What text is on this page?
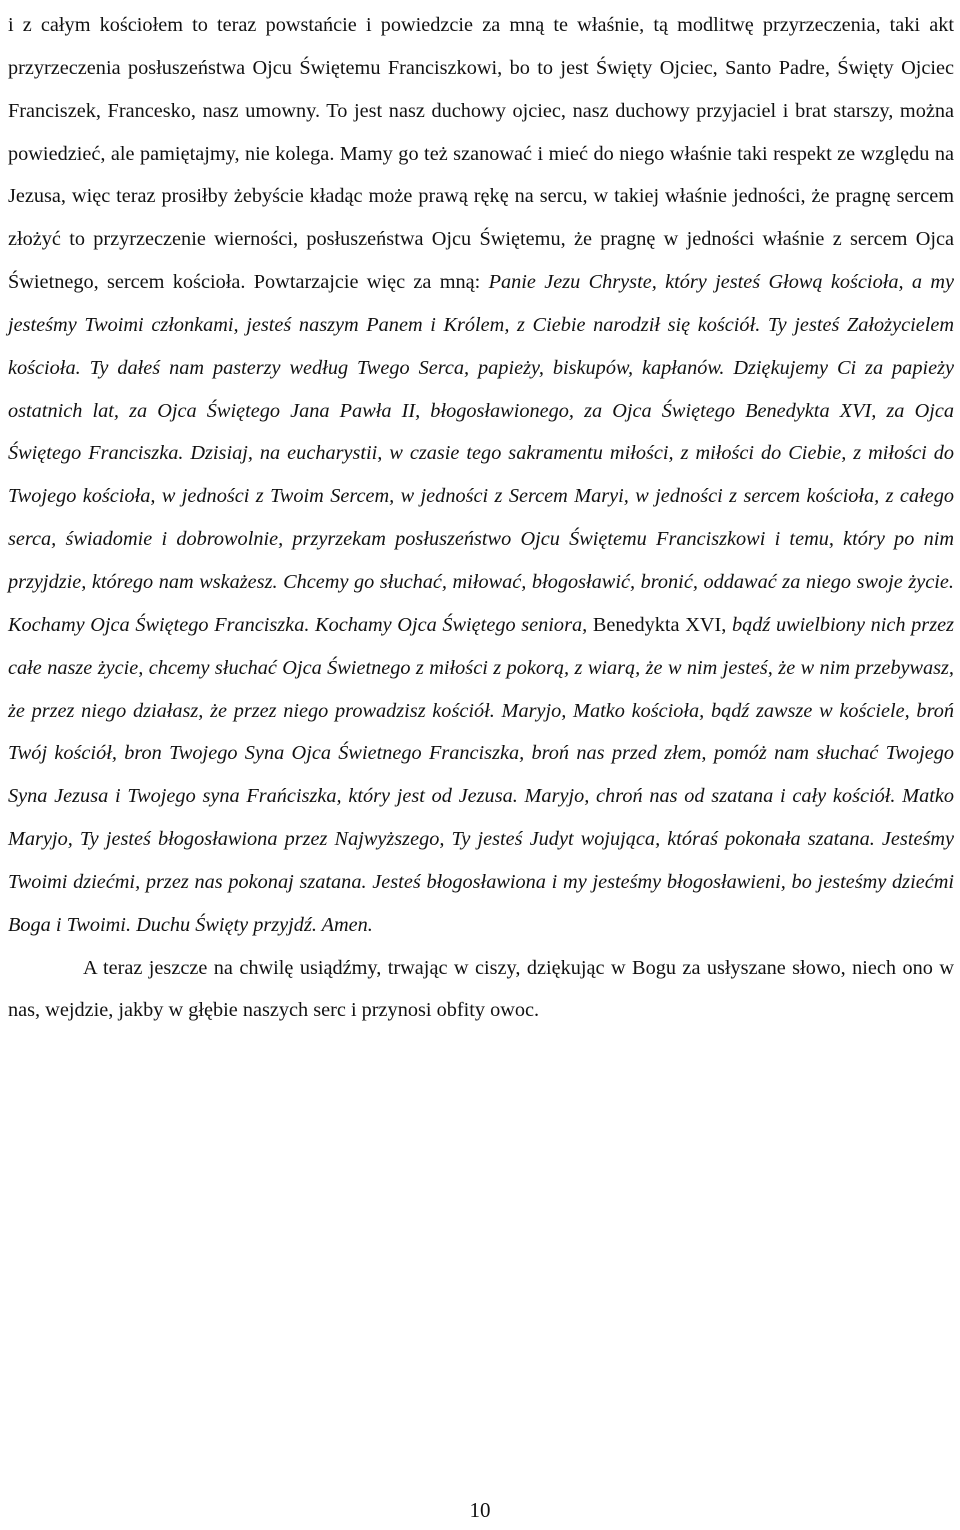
i z całym kościołem to teraz powstańcie i powiedzcie za mną te właśnie, tą modlitwę przyrzeczenia, taki akt przyrzeczenia posłuszeństwa Ojcu Świętemu Franciszkowi, bo to jest Święty Ojciec, Santo Padre, Święty Ojciec Franciszek, Francesko, nasz umowny. To jest nasz duchowy ojciec, nasz duchowy przyjaciel i brat starszy, można powiedzieć, ale pamiętajmy, nie kolega. Mamy go też szanować i mieć do niego właśnie taki respekt ze względu na Jezusa, więc teraz prosiłby żebyście kładąc może prawą rękę na sercu, w takiej właśnie jedności, że pragnę sercem złożyć to przyrzeczenie wierności, posłuszeństwa Ojcu Świętemu, że pragnę w jedności właśnie z sercem Ojca Świetnego, sercem kościoła. Powtarzajcie więc za mną: Panie Jezu Chryste, który jesteś Głową kościoła, a my jesteśmy Twoimi członkami, jesteś naszym Panem i Królem, z Ciebie narodził się kościół. Ty jesteś Założycielem kościoła. Ty dałeś nam pasterzy według Twego Serca, papieży, biskupów, kapłanów. Dziękujemy Ci za papieży ostatnich lat, za Ojca Świętego Jana Pawła II, błogosławionego, za Ojca Świętego Benedykta XVI, za Ojca Świętego Franciszka. Dzisiaj, na eucharystii, w czasie tego sakramentu miłości, z miłości do Ciebie, z miłości do Twojego kościoła, w jedności z Twoim Sercem, w jedności z Sercem Maryi, w jedności z sercem kościoła, z całego serca, świadomie i dobrowolnie, przyrzekam posłuszeństwo Ojcu Świętemu Franciszkowi i temu, który po nim przyjdzie, którego nam wskażesz. Chcemy go słuchać, miłować, błogosławić, bronić, oddawać za niego swoje życie. Kochamy Ojca Świętego Franciszka. Kochamy Ojca Świętego seniora, Benedykta XVI, bądź uwielbiony nich przez całe nasze życie, chcemy słuchać Ojca Świetnego z miłości z pokorą, z wiarą, że w nim jesteś, że w nim przebywasz, że przez niego działasz, że przez niego prowadzisz kościół. Maryjo, Matko kościoła, bądź zawsze w kościele, broń Twój kościół, bron Twojego Syna Ojca Świetnego Franciszka, broń nas przed złem, pomóż nam słuchać Twojego Syna Jezusa i Twojego syna Frańciszka, który jest od Jezusa. Maryjo, chroń nas od szatana i cały kościół. Matko Maryjo, Ty jesteś błogosławiona przez Najwyższego, Ty jesteś Judyt wojująca, któraś pokonała szatana. Jesteśmy Twoimi dziećmi, przez nas pokonaj szatana. Jesteś błogosławiona i my jesteśmy błogosławieni, bo jesteśmy dziećmi Boga i Twoimi. Duchu Święty przyjdź. Amen.

A teraz jeszcze na chwilę usiądźmy, trwając w ciszy, dziękując w Bogu za usłyszane słowo, niech ono w nas, wejdzie, jakby w głębie naszych serc i przynosi obfity owoc.

10
